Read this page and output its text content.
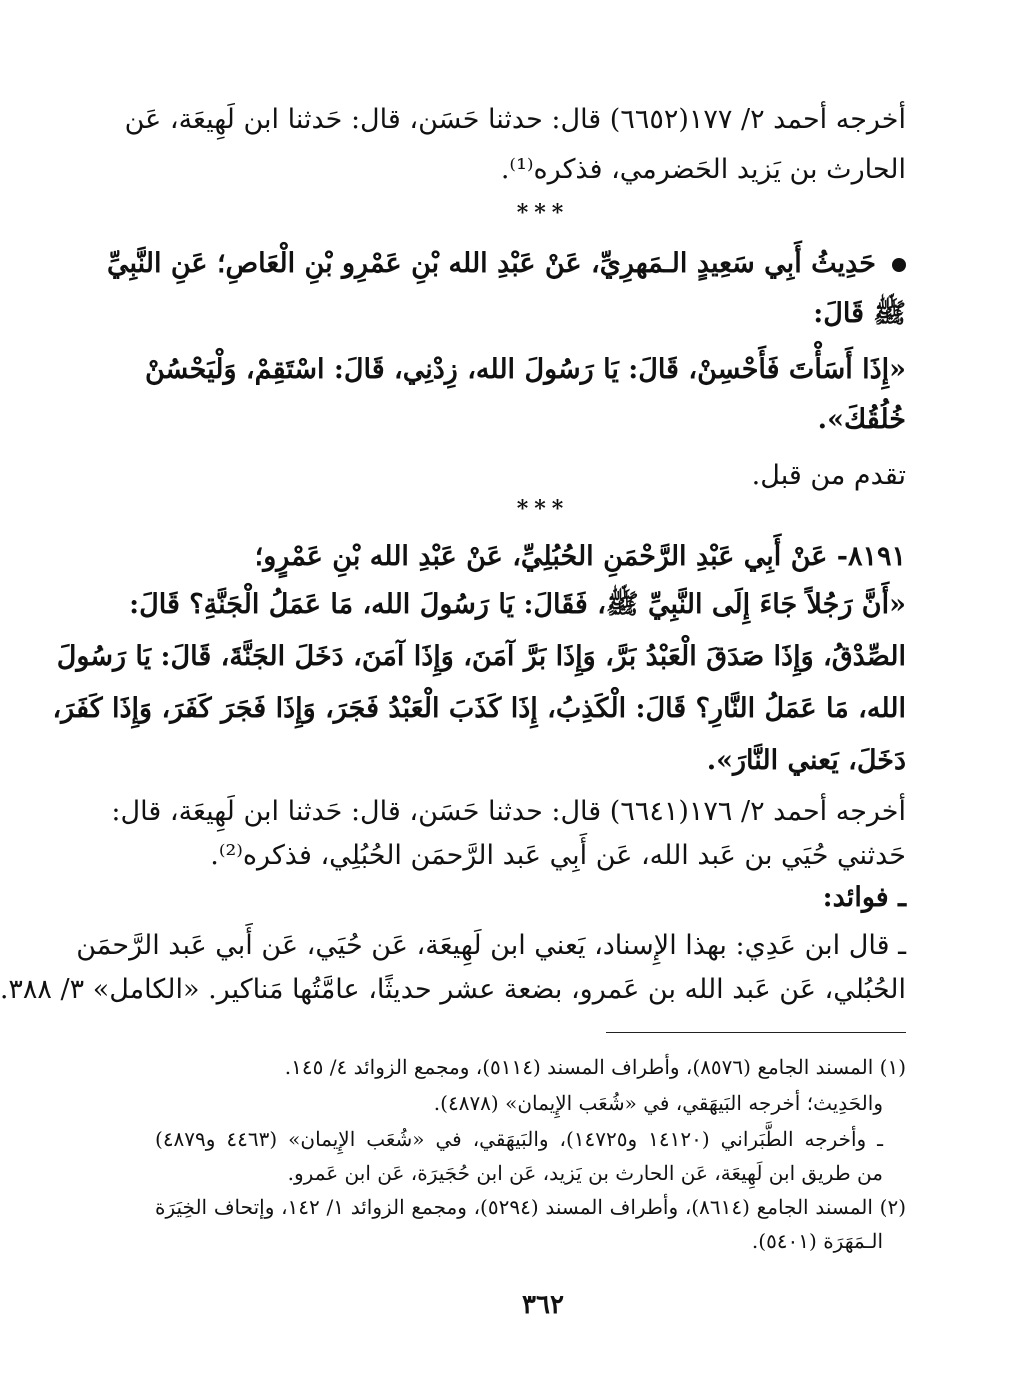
أخرجه أحمد ٢/ ١٧٧(٦٦٥٢) قال: حدثنا حَسَن، قال: حَدثنا ابن لَهِيعَة، عَن
الحارث بن يَزيد الحَضرمي، فذكره⁽¹⁾.
***
حَدِيثُ أَبِي سَعِيدٍ الـمَهرِيِّ، عَنْ عَبْدِ الله بْنِ عَمْرِو بْنِ الْعَاصِ؛ عَنِ النَّبِيِّ
ﷺ قَالَ:
«إِذَا أَسَأْتَ فَأَحْسِنْ، قَالَ: يَا رَسُولَ الله، زِدْنِي، قَالَ: اسْتَقِمْ، وَلْيَحْسُنْ
خُلُقُكَ».
تقدم من قبل.
***
٨١٩١- عَنْ أَبِي عَبْدِ الرَّحْمَنِ الحُبُلِيِّ، عَنْ عَبْدِ الله بْنِ عَمْرٍو؛
«أَنَّ رَجُلاً جَاءَ إِلَى النَّبِيِّ ﷺ، فَقَالَ: يَا رَسُولَ الله، مَا عَمَلُ الْجَنَّةِ؟ قَالَ:
الصِّدْقُ، وَإِذَا صَدَقَ الْعَبْدُ بَرَّ، وَإِذَا بَرَّ آمَنَ، وَإِذَا آمَنَ، دَخَلَ الجَنَّةَ، قَالَ: يَا رَسُولَ
الله، مَا عَمَلُ النَّارِ؟ قَالَ: الْكَذِبُ، إِذَا كَذَبَ الْعَبْدُ فَجَرَ، وَإِذَا فَجَرَ كَفَرَ، وَإِذَا كَفَرَ،
دَخَلَ، يَعني النَّارَ».
أخرجه أحمد ٢/ ١٧٦(٦٦٤١) قال: حدثنا حَسَن، قال: حَدثنا ابن لَهِيعَة، قال:
حَدثني حُيَي بن عَبد الله، عَن أَبِي عَبد الرَّحمَن الحُبُلِي، فذكره⁽²⁾.
ـ فوائد:
ـ قال ابن عَدِي: بهذا الإِسناد، يَعني ابن لَهِيعَة، عَن حُيَي، عَن أَبي عَبد الرَّحمَن
الحُبُلي، عَن عَبد الله بن عَمرو، بضعة عشر حديثًا، عامَّتُها مَناكير. «الكامل» ٣/ ٣٨٨.
(١) المسند الجامع (٨٥٧٦)، وأطراف المسند (٥١١٤)، ومجمع الزوائد ٤/ ١٤٥.
والحَدِيث؛ أخرجه البَيهَقي، في «شُعَب الإِيمان» (٤٨٧٨).
ـ وأخرجه الطَّبَراني (١٤١٢٠ و١٤٧٢٥)، والبَيهَقي، في «شُعَب الإِيمان» (٤٤٦٣ و٤٨٧٩)
من طريق ابن لَهِيعَة، عَن الحارث بن يَزيد، عَن ابن حُجَيرَة، عَن ابن عَمرو.
(٢) المسند الجامع (٨٦١٤)، وأطراف المسند (٥٢٩٤)، ومجمع الزوائد ١/ ١٤٢، وإتحاف الخِيَرَة
الـمَهَرَة (٥٤٠١).
٣٦٢
